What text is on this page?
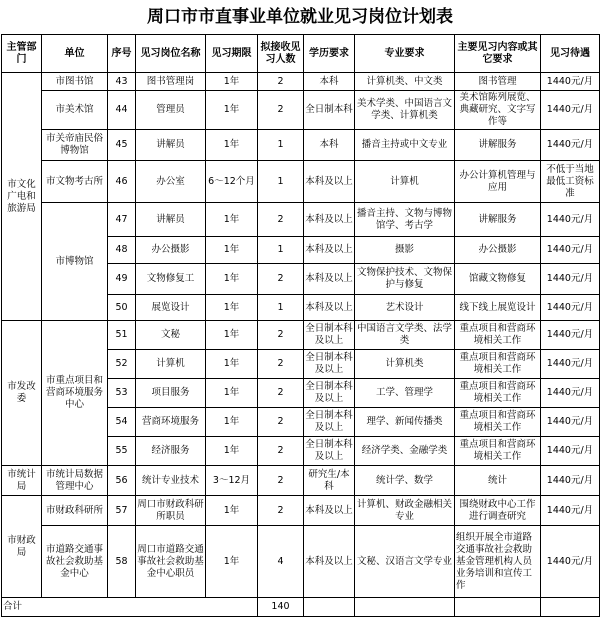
周口市市直事业单位就业见习岗位计划表
主管部门	单位	序号	见习岗位名称	见习期限	拟接收见习人数	学历要求	专业要求	主要见习内容或其它要求	见习待遇
市文化广电和旅游局	市图书馆	43	图书管理岗	1年	2	本科	计算机类、中文类	图书管理	1440元/月
	市美术馆	44	管理员	1年	2	全日制本科	美术学类、中国语言文学类、计算机类	美术馆陈列展览、典藏研究、文字写作等	1440元/月
	市关帝庙民俗博物馆	45	讲解员	1年	1	本科	播音主持或中文专业	讲解服务	1440元/月
	市文物考古所	46	办公室	6～12个月	1	本科及以上	计算机	办公计算机管理与应用	不低于当地最低工资标准
	市博物馆	47	讲解员	1年	2	本科及以上	播音主持、文物与博物馆学、考古学	讲解服务	1440元/月
		48	办公摄影	1年	1	本科及以上	摄影	办公摄影	1440元/月
		49	文物修复工	1年	2	本科及以上	文物保护技术、文物保护与修复	馆藏文物修复	1440元/月
		50	展览设计	1年	1	本科及以上	艺术设计	线下线上展览设计	1440元/月
市发改委	市重点项目和营商环境服务中心	51	文秘	1年	2	全日制本科及以上	中国语言文学类、法学类	重点项目和营商环境相关工作	1440元/月
		52	计算机	1年	2	全日制本科及以上	计算机类	重点项目和营商环境相关工作	1440元/月
		53	项目服务	1年	2	全日制本科及以上	工学、管理学	重点项目和营商环境相关工作	1440元/月
		54	营商环境服务	1年	2	全日制本科及以上	理学、新闻传播类	重点项目和营商环境相关工作	1440元/月
		55	经济服务	1年	2	全日制本科及以上	经济学类、金融学类	重点项目和营商环境相关工作	1440元/月
市统计局	市统计局数据管理中心	56	统计专业技术	3～12月	2	研究生/本科	统计学、数学	统计	1440元/月
市财政局	市财政科研所	57	周口市财政科研所职员	1年	2	本科及以上	计算机、财政金融相关专业	围绕财政中心工作进行调查研究	1440元/月
	市道路交通事故社会救助基金中心	58	周口市道路交通事故社会救助基金中心职员	1年	4	本科及以上	文秘、汉语言文学专业	组织开展全市道路交通事故社会救助基金管理机构人员业务培训和宣传工作	1440元/月
合计					140				
